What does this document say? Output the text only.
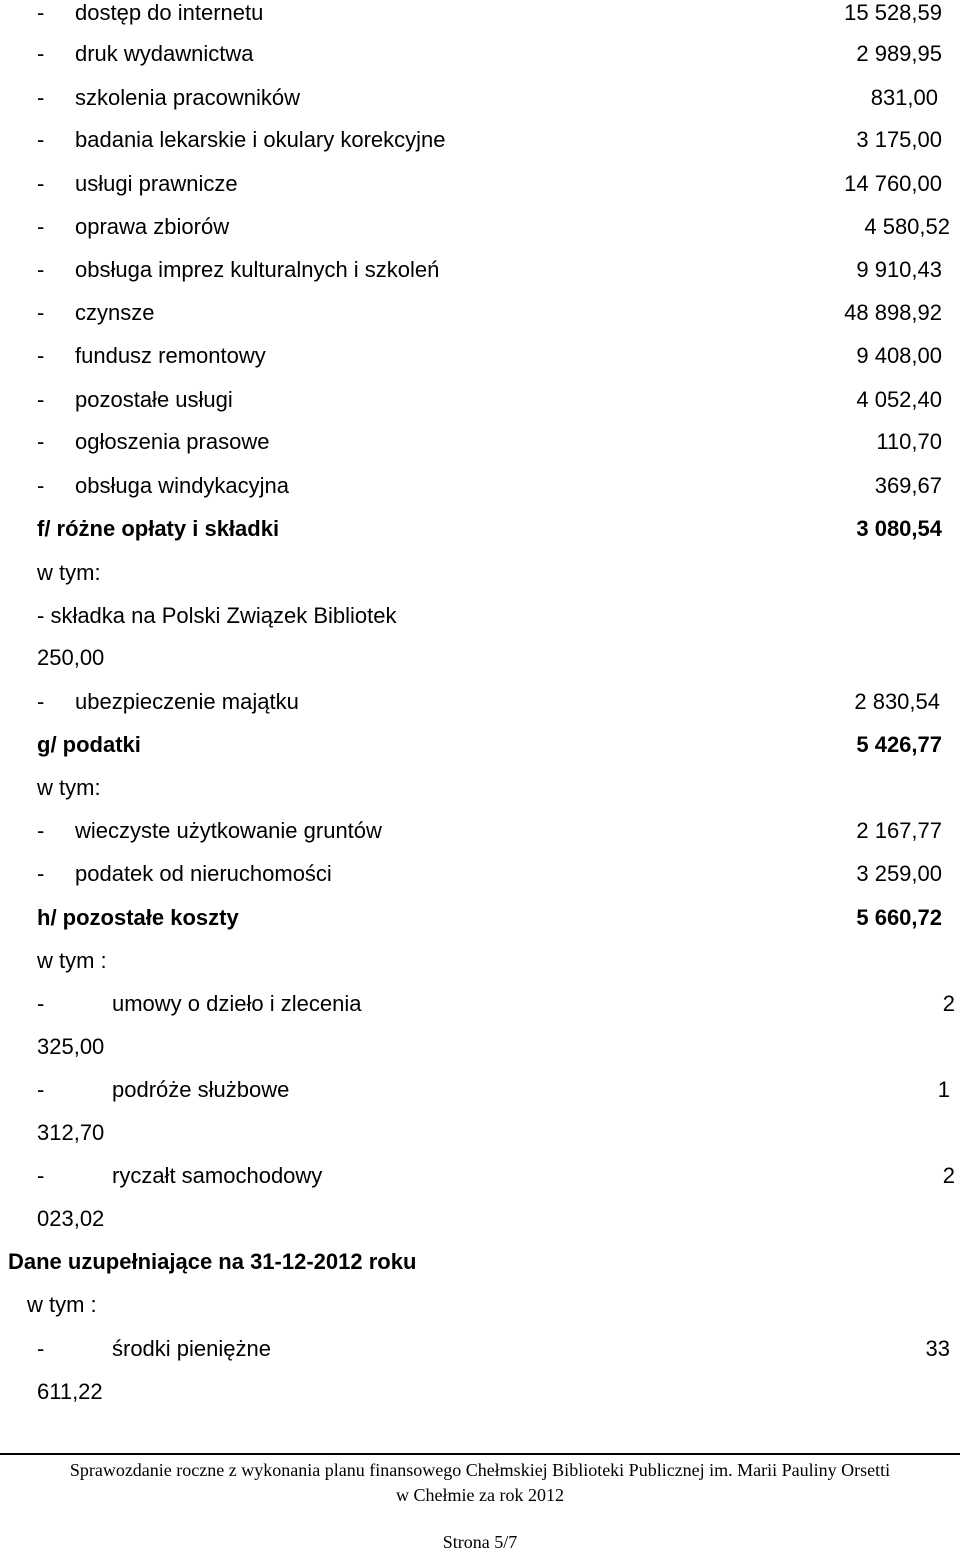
- dostęp do internetu	15 528,59
- druk wydawnictwa	2 989,95
- szkolenia pracowników	831,00
- badania lekarskie i okulary korekcyjne	3 175,00
- usługi prawnicze	14 760,00
- oprawa zbiorów	4 580,52
- obsługa imprez kulturalnych i szkoleń	9 910,43
- czynsze	48 898,92
- fundusz remontowy	9 408,00
- pozostałe usługi	4 052,40
- ogłoszenia prasowe	110,70
- obsługa windykacyjna	369,67
f/ różne opłaty i składki	3 080,54
w tym:
- składka na Polski Związek Bibliotek
250,00
- ubezpieczenie majątku	2 830,54
g/ podatki	5 426,77
w tym:
- wieczyste użytkowanie gruntów	2 167,77
- podatek od nieruchomości	3 259,00
h/ pozostałe koszty	5 660,72
w tym :
-	umowy o dzieło i zlecenia	2
325,00
-	podróże służbowe	1
312,70
-	ryczałt samochodowy	2
023,02
Dane uzupełniające na 31-12-2012 roku
w tym :
-	środki pieniężne	33
611,22
Sprawozdanie roczne z wykonania planu finansowego Chełmskiej Biblioteki Publicznej im. Marii Pauliny Orsetti
w Chełmie za rok 2012
Strona 5/7
